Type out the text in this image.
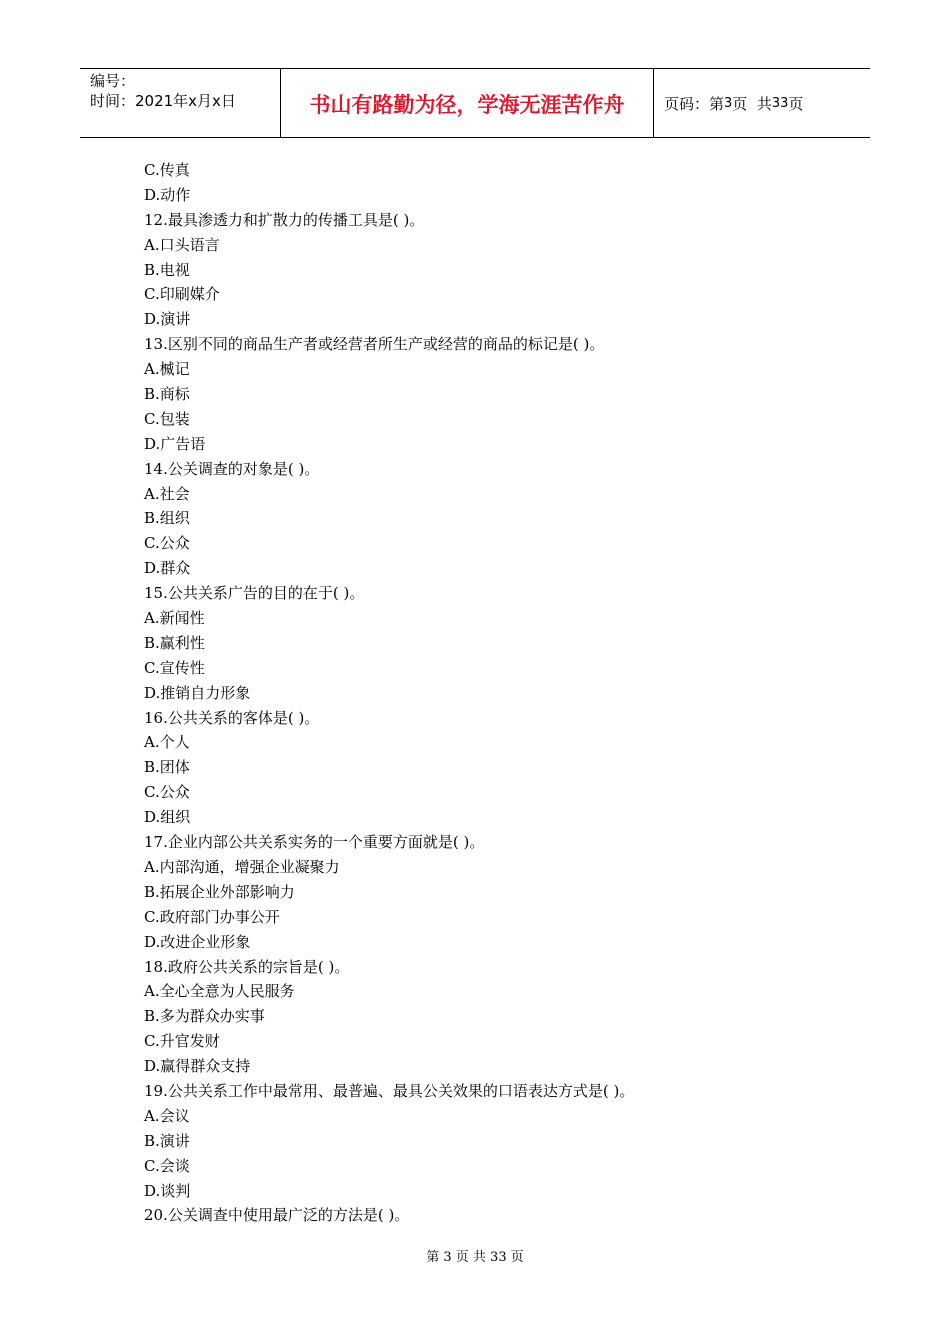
编号：
时间：2021年x月x日	书山有路勤为径，学海无涯苦作舟	页码：第 3 页  共 33 页
C.传真
D.动作
12.最具渗透力和扩散力的传播工具是( )。
A.口头语言
B.电视
C.印刷媒介
D.演讲
13.区别不同的商品生产者或经营者所生产或经营的商品的标记是( )。
A.楲记
B.商标
C.包装
D.广告语
14.公关调查的对象是( )。
A.社会
B.组织
C.公众
D.群众
15.公共关系广告的目的在于( )。
A.新闻性
B.赢利性
C.宣传性
D.推销自力形象
16.公共关系的客体是( )。
A.个人
B.团体
C.公众
D.组织
17.企业内部公共关系实务的一个重要方面就是( )。
A.内部沟通，增强企业凝聚力
B.拓展企业外部影响力
C.政府部门办事公开
D.改进企业形象
18.政府公共关系的宗旨是( )。
A.全心全意为人民服务
B.多为群众办实事
C.升官发财
D.赢得群众支持
19.公共关系工作中最常用、最普遍、最具公关效果的口语表达方式是( )。
A.会议
B.演讲
C.会谈
D.谈判
20.公关调查中使用最广泛的方法是( )。
第 3 页 共 33 页
